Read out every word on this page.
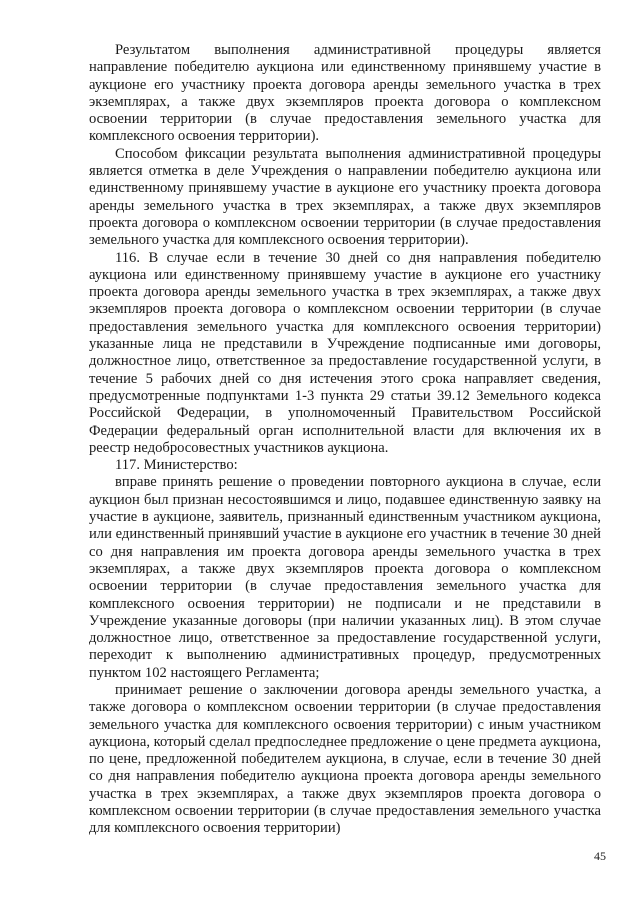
Результатом выполнения административной процедуры является направление победителю аукциона или единственному принявшему участие в аукционе его участнику проекта договора аренды земельного участка в трех экземплярах, а также двух экземпляров проекта договора о комплексном освоении территории (в случае предоставления земельного участка для комплексного освоения территории).

Способом фиксации результата выполнения административной процедуры является отметка в деле Учреждения о направлении победителю аукциона или единственному принявшему участие в аукционе его участнику проекта договора аренды земельного участка в трех экземплярах, а также двух экземпляров проекта договора о комплексном освоении территории (в случае предоставления земельного участка для комплексного освоения территории).

116. В случае если в течение 30 дней со дня направления победителю аукциона или единственному принявшему участие в аукционе его участнику проекта договора аренды земельного участка в трех экземплярах, а также двух экземпляров проекта договора о комплексном освоении территории (в случае предоставления земельного участка для комплексного освоения территории) указанные лица не представили в Учреждение подписанные ими договоры, должностное лицо, ответственное за предоставление государственной услуги, в течение 5 рабочих дней со дня истечения этого срока направляет сведения, предусмотренные подпунктами 1-3 пункта 29 статьи 39.12 Земельного кодекса Российской Федерации, в уполномоченный Правительством Российской Федерации федеральный орган исполнительной власти для включения их в реестр недобросовестных участников аукциона.

117. Министерство:

вправе принять решение о проведении повторного аукциона в случае, если аукцион был признан несостоявшимся и лицо, подавшее единственную заявку на участие в аукционе, заявитель, признанный единственным участником аукциона, или единственный принявший участие в аукционе его участник в течение 30 дней со дня направления им проекта договора аренды земельного участка в трех экземплярах, а также двух экземпляров проекта договора о комплексном освоении территории (в случае предоставления земельного участка для комплексного освоения территории) не подписали и не представили в Учреждение указанные договоры (при наличии указанных лиц). В этом случае должностное лицо, ответственное за предоставление государственной услуги, переходит к выполнению административных процедур, предусмотренных пунктом 102 настоящего Регламента;

принимает решение о заключении договора аренды земельного участка, а также договора о комплексном освоении территории (в случае предоставления земельного участка для комплексного освоения территории) с иным участником аукциона, который сделал предпоследнее предложение о цене предмета аукциона, по цене, предложенной победителем аукциона, в случае, если в течение 30 дней со дня направления победителю аукциона проекта договора аренды земельного участка в трех экземплярах, а также двух экземпляров проекта договора о комплексном освоении территории (в случае предоставления земельного участка для комплексного освоения территории)

45
